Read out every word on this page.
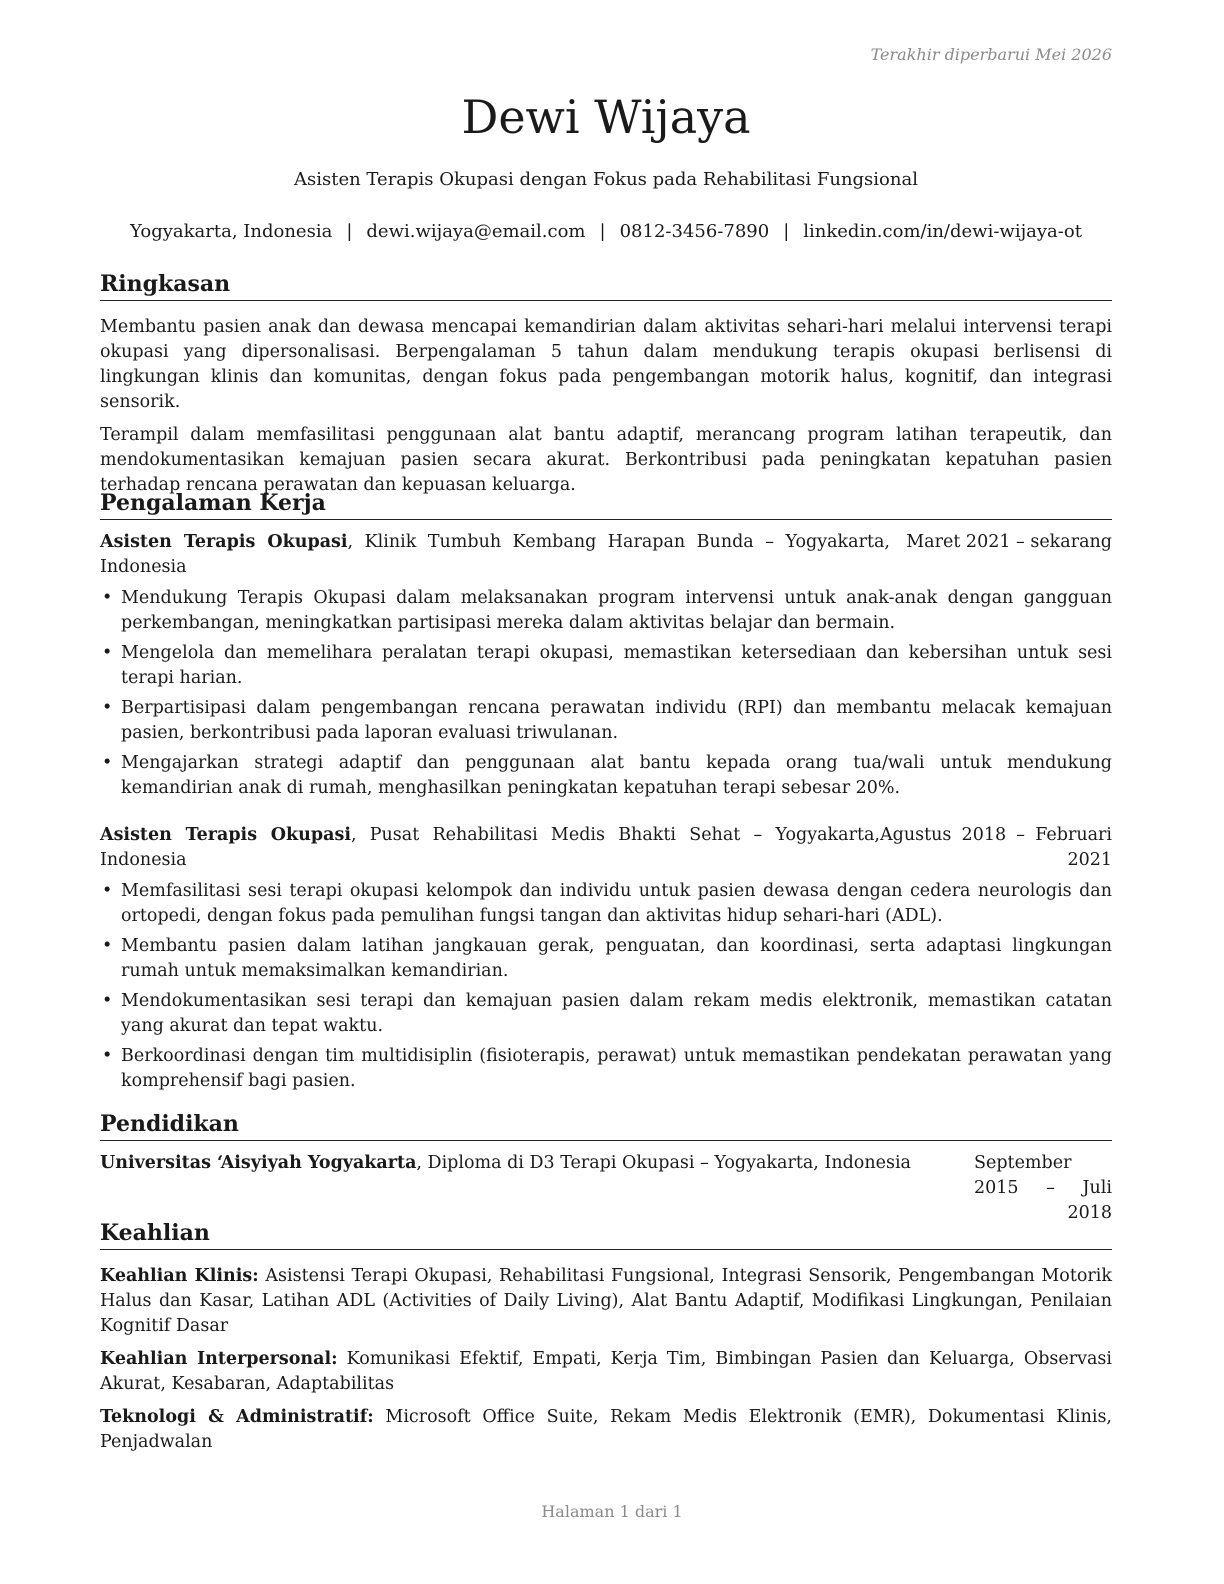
Terakhir diperbarui Mei 2026
Dewi Wijaya
Asisten Terapis Okupasi dengan Fokus pada Rehabilitasi Fungsional
Yogyakarta, Indonesia | dewi.wijaya@email.com | 0812-3456-7890 | linkedin.com/in/dewi-wijaya-ot
Ringkasan

Membantu pasien anak dan dewasa mencapai kemandirian dalam aktivitas sehari-hari melalui intervensi terapi okupasi yang dipersonalisasi. Berpengalaman 5 tahun dalam mendukung terapis okupasi berlisensi di lingkungan klinis dan komunitas, dengan fokus pada pengembangan motorik halus, kognitif, dan integrasi sensorik.

Terampil dalam memfasilitasi penggunaan alat bantu adaptif, merancang program latihan terapeutik, dan mendokumentasikan kemajuan pasien secara akurat. Berkontribusi pada peningkatan kepatuhan pasien terhadap rencana perawatan dan kepuasan keluarga.

Pengalaman Kerja
Asisten Terapis Okupasi, Klinik Tumbuh Kembang Harapan Bunda – Yogyakarta, Indonesia
Maret 2021 – sekarang
• Mendukung Terapis Okupasi dalam melaksanakan program intervensi untuk anak-anak dengan gangguan perkembangan, meningkatkan partisipasi mereka dalam aktivitas belajar dan bermain.
• Mengelola dan memelihara peralatan terapi okupasi, memastikan ketersediaan dan kebersihan untuk sesi terapi harian.
• Berpartisipasi dalam pengembangan rencana perawatan individu (RPI) dan membantu melacak kemajuan pasien, berkontribusi pada laporan evaluasi triwulanan.
• Mengajarkan strategi adaptif dan penggunaan alat bantu kepada orang tua/wali untuk mendukung kemandirian anak di rumah, menghasilkan peningkatan kepatuhan terapi sebesar 20%.
Asisten Terapis Okupasi, Pusat Rehabilitasi Medis Bhakti Sehat – Yogyakarta, Indonesia
Agustus 2018 – Februari 2021
• Memfasilitasi sesi terapi okupasi kelompok dan individu untuk pasien dewasa dengan cedera neurologis dan ortopedi, dengan fokus pada pemulihan fungsi tangan dan aktivitas hidup sehari-hari (ADL).
• Membantu pasien dalam latihan jangkauan gerak, penguatan, dan koordinasi, serta adaptasi lingkungan rumah untuk memaksimalkan kemandirian.
• Mendokumentasikan sesi terapi dan kemajuan pasien dalam rekam medis elektronik, memastikan catatan yang akurat dan tepat waktu.
• Berkoordinasi dengan tim multidisiplin (fisioterapis, perawat) untuk memastikan pendekatan perawatan yang komprehensif bagi pasien.
Pendidikan
Universitas ‘Aisyiyah Yogyakarta, Diploma di D3 Terapi Okupasi – Yogyakarta, Indonesia	September 2015 – Juli 2018
Keahlian
Keahlian Klinis: Asistensi Terapi Okupasi, Rehabilitasi Fungsional, Integrasi Sensorik, Pengembangan Motorik Halus dan Kasar, Latihan ADL (Activities of Daily Living), Alat Bantu Adaptif, Modifikasi Lingkungan, Penilaian Kognitif Dasar
Keahlian Interpersonal: Komunikasi Efektif, Empati, Kerja Tim, Bimbingan Pasien dan Keluarga, Observasi Akurat, Kesabaran, Adaptabilitas
Teknologi & Administratif: Microsoft Office Suite, Rekam Medis Elektronik (EMR), Dokumentasi Klinis, Penjadwalan
Halaman 1 dari 1
